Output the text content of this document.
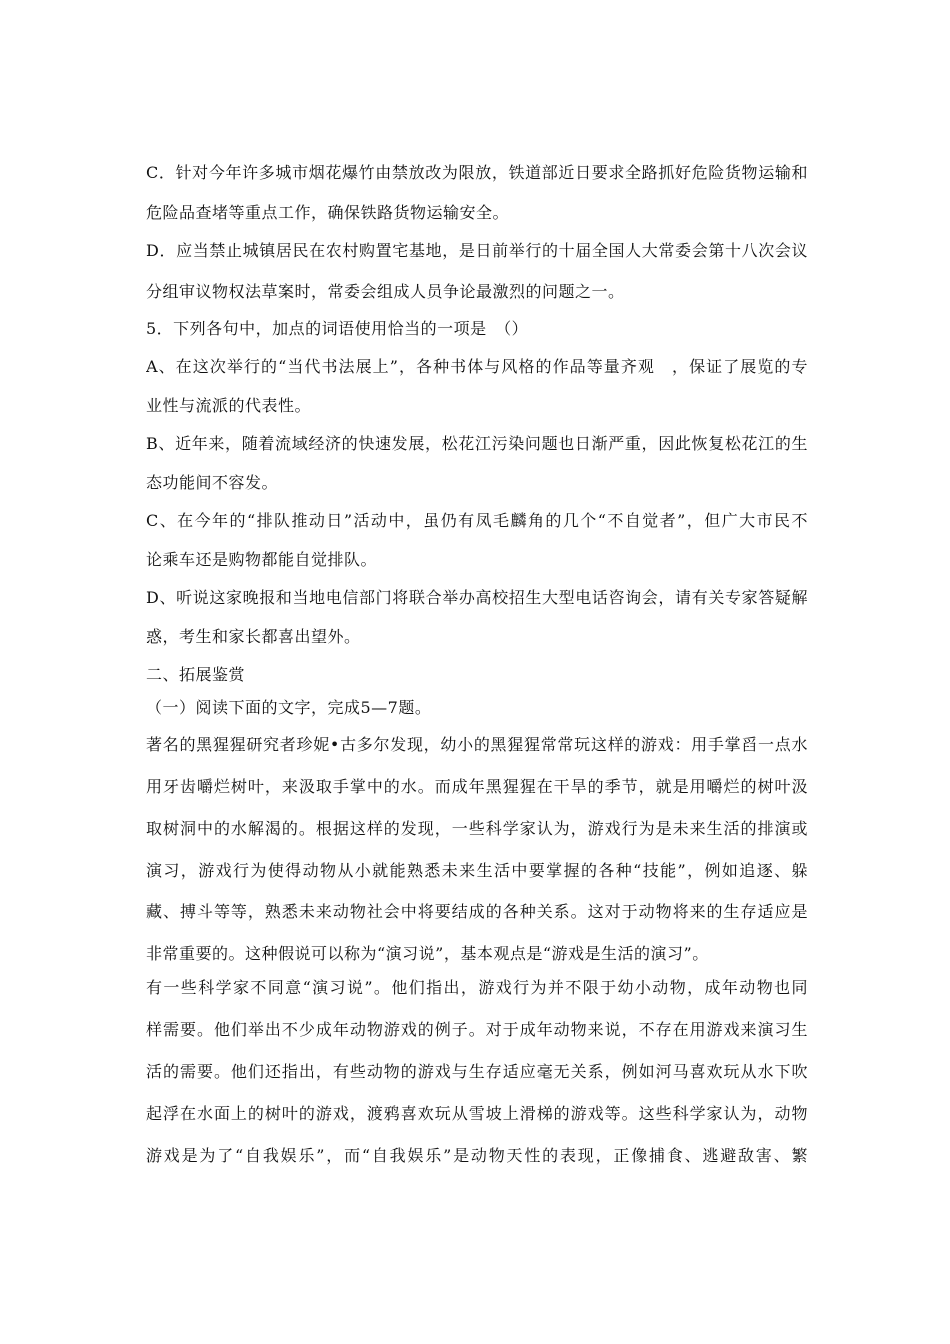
C．针对今年许多城市烟花爆竹由禁放改为限放，铁道部近日要求全路抓好危险货物运输和
危险品查堵等重点工作，确保铁路货物运输安全。
D．应当禁止城镇居民在农村购置宅基地，是日前举行的十届全国人大常委会第十八次会议
分组审议物权法草案时，常委会组成人员争论最激烈的问题之一。
5．下列各句中，加点的词语使用恰当的一项是　（）
A、在这次举行的“当代书法展上”，各种书体与风格的作品等量齐观　，保证了展览的专
业性与流派的代表性。
B、近年来，随着流域经济的快速发展，松花江污染问题也日渐严重，因此恢复松花江的生
态功能间不容发。
C、在今年的“排队推动日”活动中，虽仍有凤毛麟角的几个“不自觉者”，但广大市民不
论乘车还是购物都能自觉排队。
D、听说这家晚报和当地电信部门将联合举办高校招生大型电话咨询会，请有关专家答疑解
惑，考生和家长都喜出望外。
二、拓展鉴赏
（一）阅读下面的文字，完成5—7题。
著名的黑猩猩研究者珍妮•古多尔发现，幼小的黑猩猩常常玩这样的游戏：用手掌舀一点水
用牙齿嚼烂树叶，来汲取手掌中的水。而成年黑猩猩在干旱的季节，就是用嚼烂的树叶汲
取树洞中的水解渴的。根据这样的发现，一些科学家认为，游戏行为是未来生活的排演或
演习，游戏行为使得动物从小就能熟悉未来生活中要掌握的各种“技能”，例如追逐、躲
藏、搏斗等等，熟悉未来动物社会中将要结成的各种关系。这对于动物将来的生存适应是
非常重要的。这种假说可以称为“演习说”，基本观点是“游戏是生活的演习”。
有一些科学家不同意“演习说”。他们指出，游戏行为并不限于幼小动物，成年动物也同
样需要。他们举出不少成年动物游戏的例子。对于成年动物来说，不存在用游戏来演习生
活的需要。他们还指出，有些动物的游戏与生存适应毫无关系，例如河马喜欢玩从水下吹
起浮在水面上的树叶的游戏，渡鸦喜欢玩从雪坡上滑梯的游戏等。这些科学家认为，动物
游戏是为了“自我娱乐”，而“自我娱乐”是动物天性的表现，正像捕食、逃避敌害、繁
